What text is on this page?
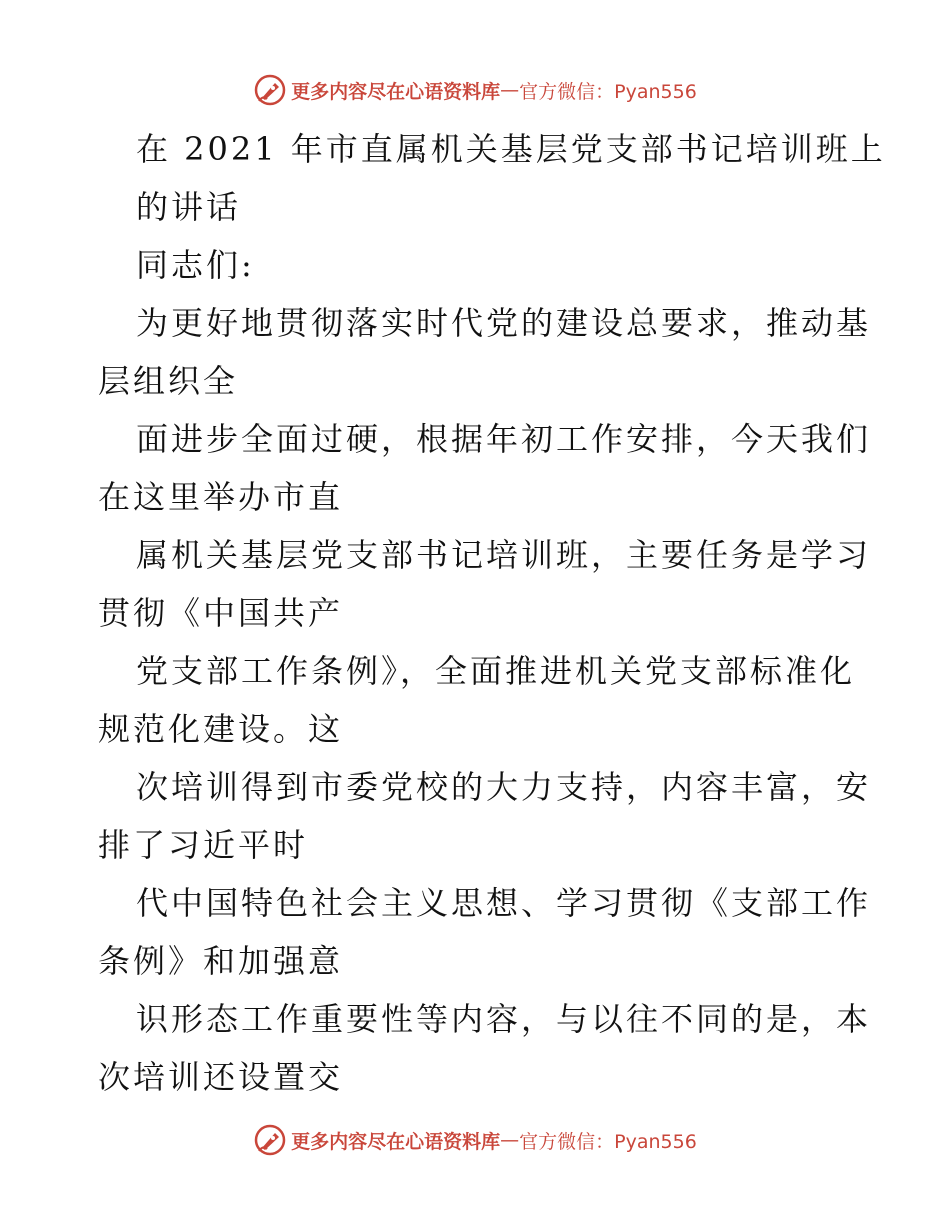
更多内容尽在心语资料库 — 官方微信：Pyan556
在 2021 年市直属机关基层党支部书记培训班上
的讲话
同志们:
为更好地贯彻落实时代党的建设总要求，推动基
层组织全
面进步全面过硬，根据年初工作安排，今天我们
在这里举办市直
属机关基层党支部书记培训班，主要任务是学习
贯彻《中国共产
党支部工作条例》，全面推进机关党支部标准化
规范化建设。这
次培训得到市委党校的大力支持，内容丰富，安
排了习近平时
代中国特色社会主义思想、学习贯彻《支部工作
条例》和加强意
识形态工作重要性等内容，与以往不同的是，本
次培训还设置交
更多内容尽在心语资料库 — 官方微信：Pyan556
